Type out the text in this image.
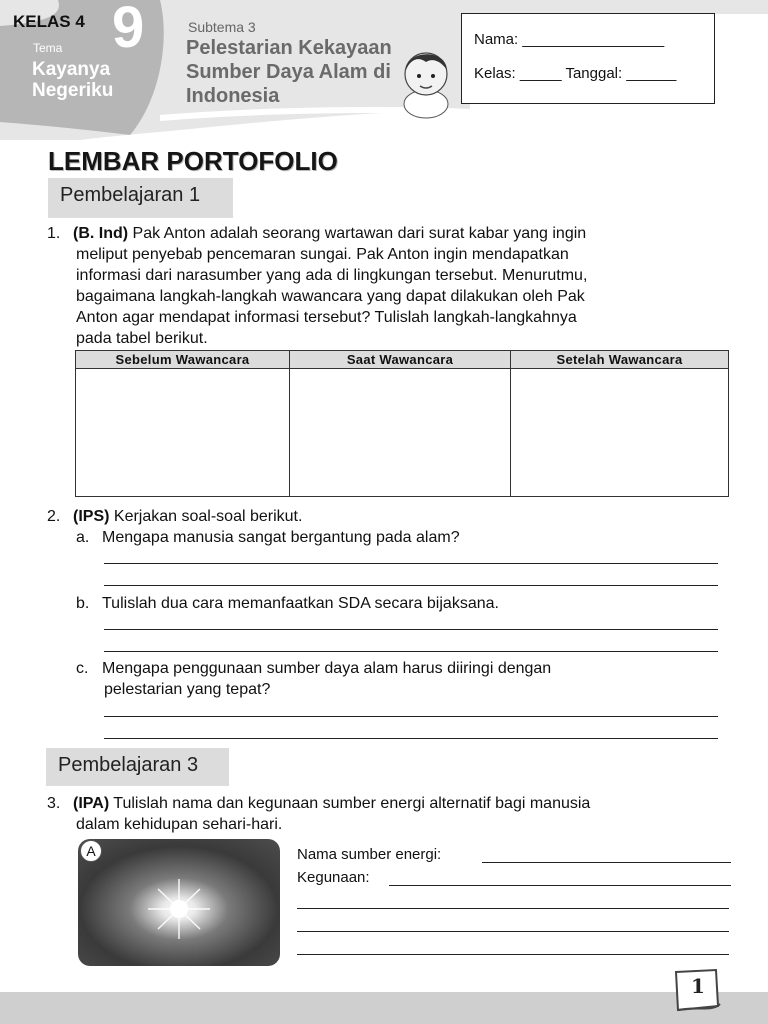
KELAS 4 9
Tema
Kayanya Negeriku
Subtema 3
Pelestarian Kekayaan Sumber Daya Alam di Indonesia
Nama: _________________
Kelas: _____ Tanggal: ______
LEMBAR PORTOFOLIO
Pembelajaran 1
1. (B. Ind) Pak Anton adalah seorang wartawan dari surat kabar yang ingin
meliput penyebab pencemaran sungai. Pak Anton ingin mendapatkan
informasi dari narasumber yang ada di lingkungan tersebut. Menurutmu,
bagaimana langkah-langkah wawancara yang dapat dilakukan oleh Pak
Anton agar mendapat informasi tersebut? Tulislah langkah-langkahnya
pada tabel berikut.
Sebelum Wawancara	Saat Wawancara	Setelah Wawancara

2. (IPS) Kerjakan soal-soal berikut.
a. Mengapa manusia sangat bergantung pada alam?
b. Tulislah dua cara memanfaatkan SDA secara bijaksana.
c. Mengapa penggunaan sumber daya alam harus diiringi dengan
pelestarian yang tepat?
Pembelajaran 3
3. (IPA) Tulislah nama dan kegunaan sumber energi alternatif bagi manusia
dalam kehidupan sehari-hari.
A	Nama sumber energi:
Kegunaan:
1
